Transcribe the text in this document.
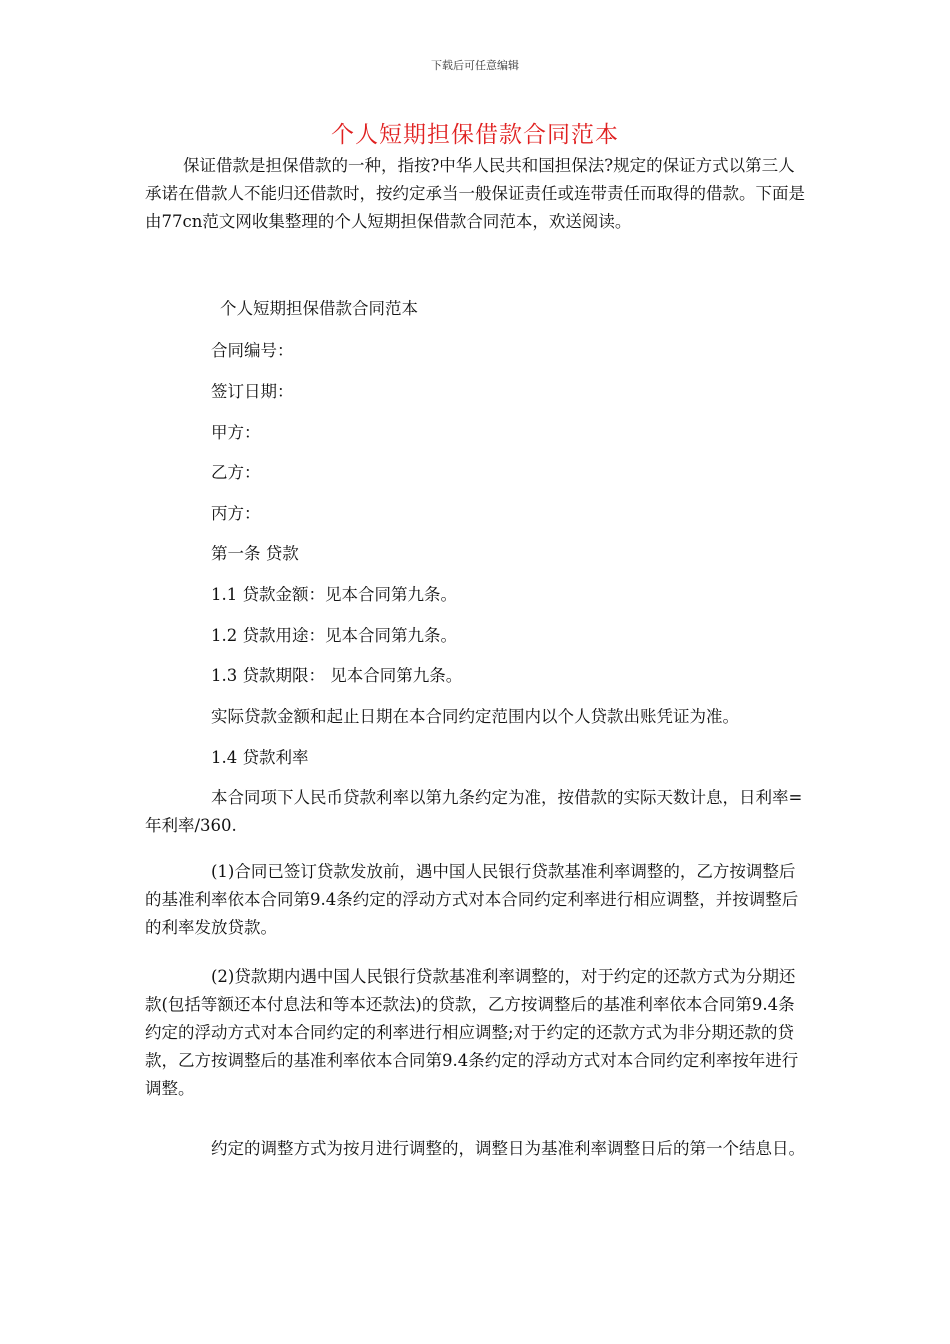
下载后可任意编辑
个人短期担保借款合同范本

保证借款是担保借款的一种，指按?中华人民共和国担保法?规定的保证方式以第三人承诺在借款人不能归还借款时，按约定承当一般保证责任或连带责任而取得的借款。下面是由77cn范文网收集整理的个人短期担保借款合同范本，欢送阅读。

个人短期担保借款合同范本
合同编号：
签订日期：
甲方：
乙方：
丙方：
第一条 贷款
1.1 贷款金额：见本合同第九条。
1.2 贷款用途：见本合同第九条。
1.3 贷款期限： 见本合同第九条。
实际贷款金额和起止日期在本合同约定范围内以个人贷款出账凭证为准。
1.4 贷款利率

本合同项下人民币贷款利率以第九条约定为准，按借款的实际天数计息，日利率=年利率/360.

(1)合同已签订贷款发放前，遇中国人民银行贷款基准利率调整的，乙方按调整后的基准利率依本合同第9.4条约定的浮动方式对本合同约定利率进行相应调整，并按调整后的利率发放贷款。

(2)贷款期内遇中国人民银行贷款基准利率调整的，对于约定的还款方式为分期还款(包括等额还本付息法和等本还款法)的贷款，乙方按调整后的基准利率依本合同第9.4条约定的浮动方式对本合同约定的利率进行相应调整;对于约定的还款方式为非分期还款的贷款，乙方按调整后的基准利率依本合同第9.4条约定的浮动方式对本合同约定利率按年进行调整。

约定的调整方式为按月进行调整的，调整日为基准利率调整日后的第一个结息日。
